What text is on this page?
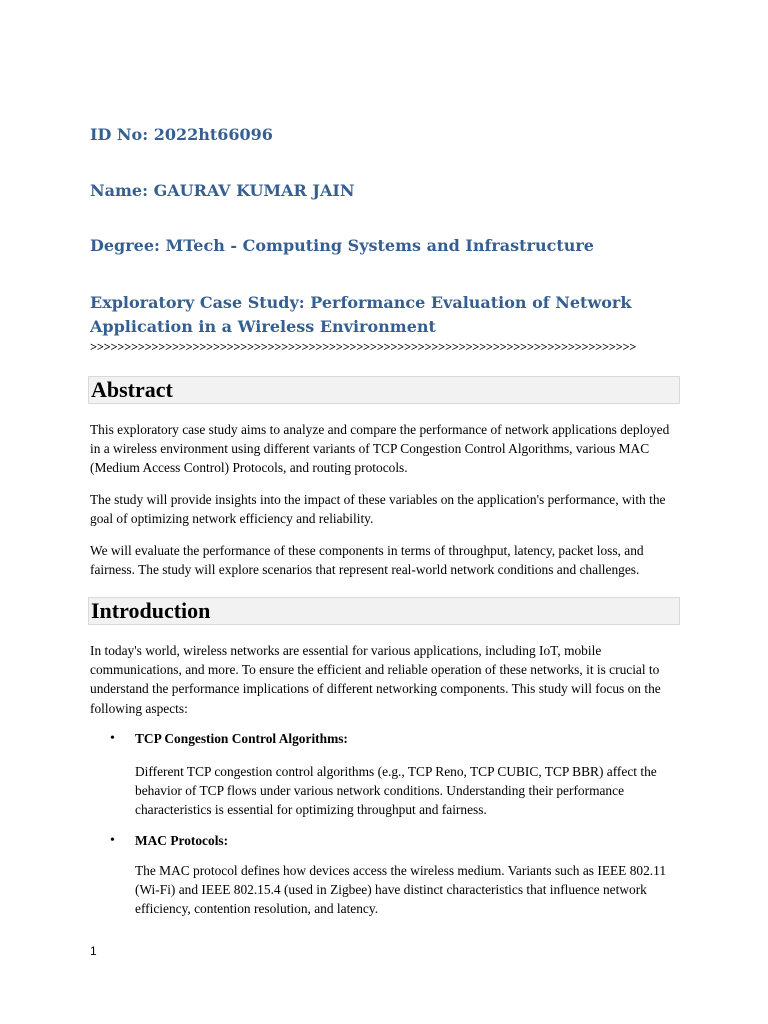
ID No: 2022ht66096

Name: GAURAV KUMAR JAIN

Degree: MTech - Computing Systems and Infrastructure

Exploratory Case Study: Performance Evaluation of Network Application in a Wireless Environment

>>>>>>>>>>>>>>>>>>>>>>>>>>>>>>>>>>>>>>>>>>>>>>>>>>>>>>>>>>>>>>>>>>>>>>>>>>>>>>>>

Abstract

This exploratory case study aims to analyze and compare the performance of network applications deployed in a wireless environment using different variants of TCP Congestion Control Algorithms, various MAC (Medium Access Control) Protocols, and routing protocols.

The study will provide insights into the impact of these variables on the application's performance, with the goal of optimizing network efficiency and reliability.

We will evaluate the performance of these components in terms of throughput, latency, packet loss, and fairness. The study will explore scenarios that represent real-world network conditions and challenges.

Introduction

In today's world, wireless networks are essential for various applications, including IoT, mobile communications, and more. To ensure the efficient and reliable operation of these networks, it is crucial to understand the performance implications of different networking components. This study will focus on the following aspects:

• TCP Congestion Control Algorithms:

Different TCP congestion control algorithms (e.g., TCP Reno, TCP CUBIC, TCP BBR) affect the behavior of TCP flows under various network conditions. Understanding their performance characteristics is essential for optimizing throughput and fairness.

• MAC Protocols:

The MAC protocol defines how devices access the wireless medium. Variants such as IEEE 802.11 (Wi-Fi) and IEEE 802.15.4 (used in Zigbee) have distinct characteristics that influence network efficiency, contention resolution, and latency.

1
